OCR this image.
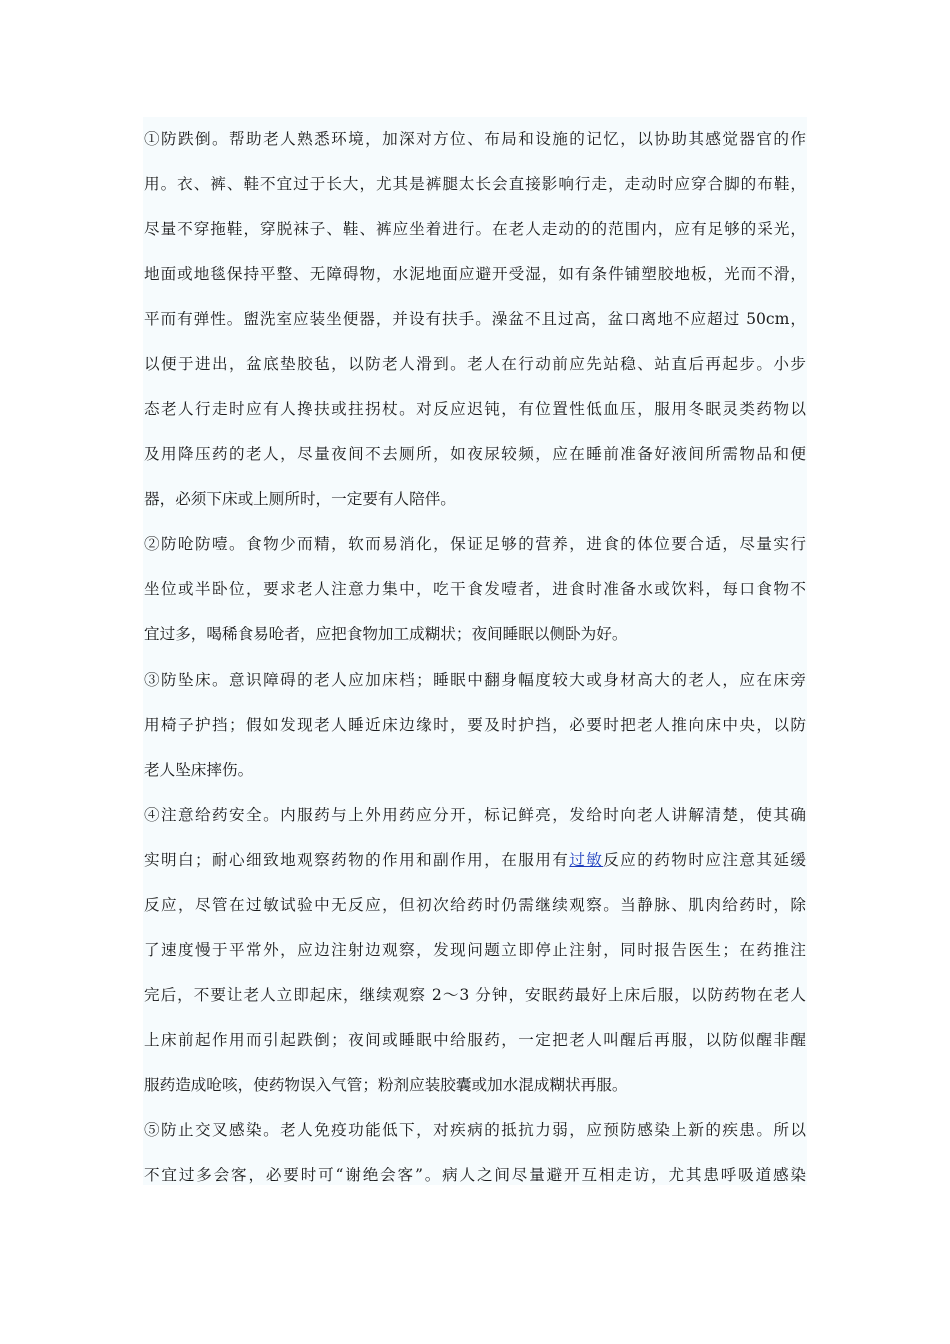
①防跌倒。帮助老人熟悉环境，加深对方位、布局和设施的记忆，以协助其感觉器官的作
用。衣、裤、鞋不宜过于长大，尤其是裤腿太长会直接影响行走，走动时应穿合脚的布鞋，
尽量不穿拖鞋，穿脱袜子、鞋、裤应坐着进行。在老人走动的的范围内，应有足够的采光，
地面或地毯保持平整、无障碍物，水泥地面应避开受湿，如有条件铺塑胶地板，光而不滑，
平而有弹性。盥洗室应装坐便器，并设有扶手。澡盆不且过高，盆口离地不应超过 50cm，
以便于进出，盆底垫胶毡，以防老人滑到。老人在行动前应先站稳、站直后再起步。小步
态老人行走时应有人搀扶或拄拐杖。对反应迟钝，有位置性低血压，服用冬眠灵类药物以
及用降压药的老人，尽量夜间不去厕所，如夜尿较频，应在睡前准备好液间所需物品和便
器，必须下床或上厕所时，一定要有人陪伴。
②防呛防噎。食物少而精，软而易消化，保证足够的营养，进食的体位要合适，尽量实行
坐位或半卧位，要求老人注意力集中，吃干食发噎者，进食时准备水或饮料，每口食物不
宜过多，喝稀食易呛者，应把食物加工成糊状；夜间睡眠以侧卧为好。
③防坠床。意识障碍的老人应加床档；睡眠中翻身幅度较大或身材高大的老人，应在床旁
用椅子护挡；假如发现老人睡近床边缘时，要及时护挡，必要时把老人推向床中央，以防
老人坠床摔伤。
④注意给药安全。内服药与上外用药应分开，标记鲜亮，发给时向老人讲解清楚，使其确
实明白；耐心细致地观察药物的作用和副作用，在服用有过敏反应的药物时应注意其延缓
反应，尽管在过敏试验中无反应，但初次给药时仍需继续观察。当静脉、肌肉给药时，除
了速度慢于平常外，应边注射边观察，发现问题立即停止注射，同时报告医生；在药推注
完后，不要让老人立即起床，继续观察 2～3 分钟，安眠药最好上床后服，以防药物在老人
上床前起作用而引起跌倒；夜间或睡眠中给服药，一定把老人叫醒后再服，以防似醒非醒
服药造成呛咳，使药物误入气管；粉剂应装胶囊或加水混成糊状再服。
⑤防止交叉感染。老人免疫功能低下，对疾病的抵抗力弱，应预防感染上新的疾患。所以
不宜过多会客，必要时可“谢绝会客”。病人之间尽量避开互相走访，尤其患呼吸道感染
